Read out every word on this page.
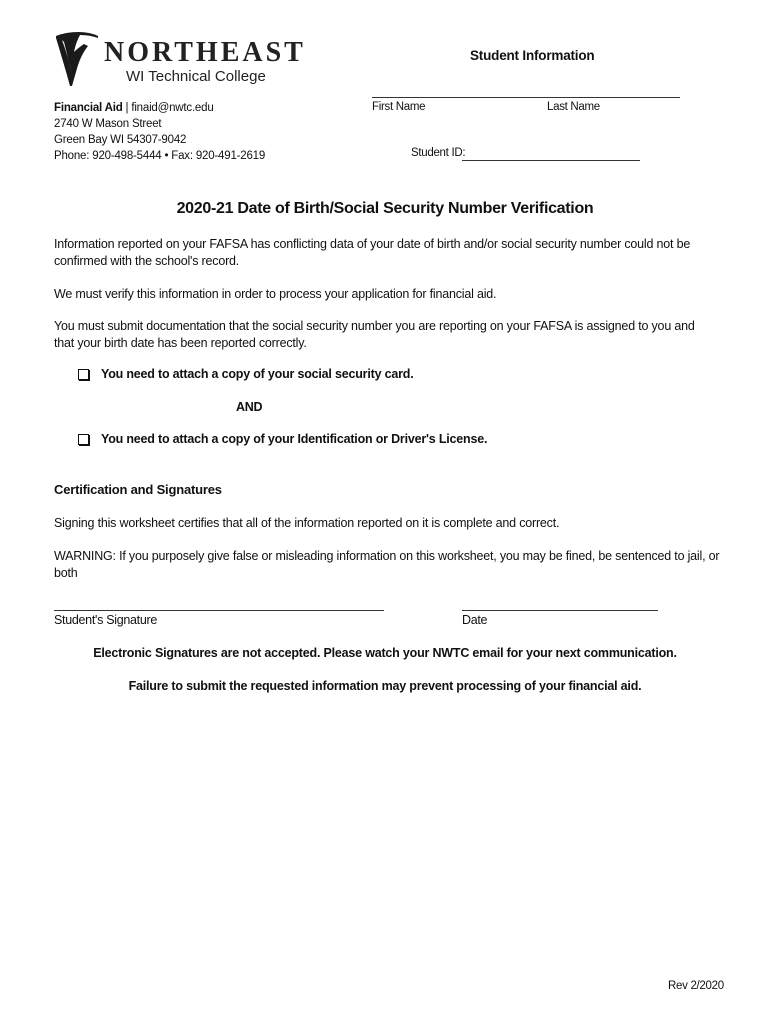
NORTHEAST
WI Technical College
Financial Aid | finaid@nwtc.edu
2740 W Mason Street
Green Bay WI 54307-9042
Phone: 920-498-5444 • Fax: 920-491-2619
Student Information
First Name	Last Name
Student ID:
2020-21 Date of Birth/Social Security Number Verification
Information reported on your FAFSA has conflicting data of your date of birth and/or social security number could not be confirmed with the school's record.
We must verify this information in order to process your application for financial aid.
You must submit documentation that the social security number you are reporting on your FAFSA is assigned to you and that your birth date has been reported correctly.
You need to attach a copy of your social security card.
AND
You need to attach a copy of your Identification or Driver's License.
Certification and Signatures
Signing this worksheet certifies that all of the information reported on it is complete and correct.
WARNING: If you purposely give false or misleading information on this worksheet, you may be fined, be sentenced to jail, or both
Student's Signature	Date
Electronic Signatures are not accepted. Please watch your NWTC email for your next communication.
Failure to submit the requested information may prevent processing of your financial aid.
Rev 2/2020
